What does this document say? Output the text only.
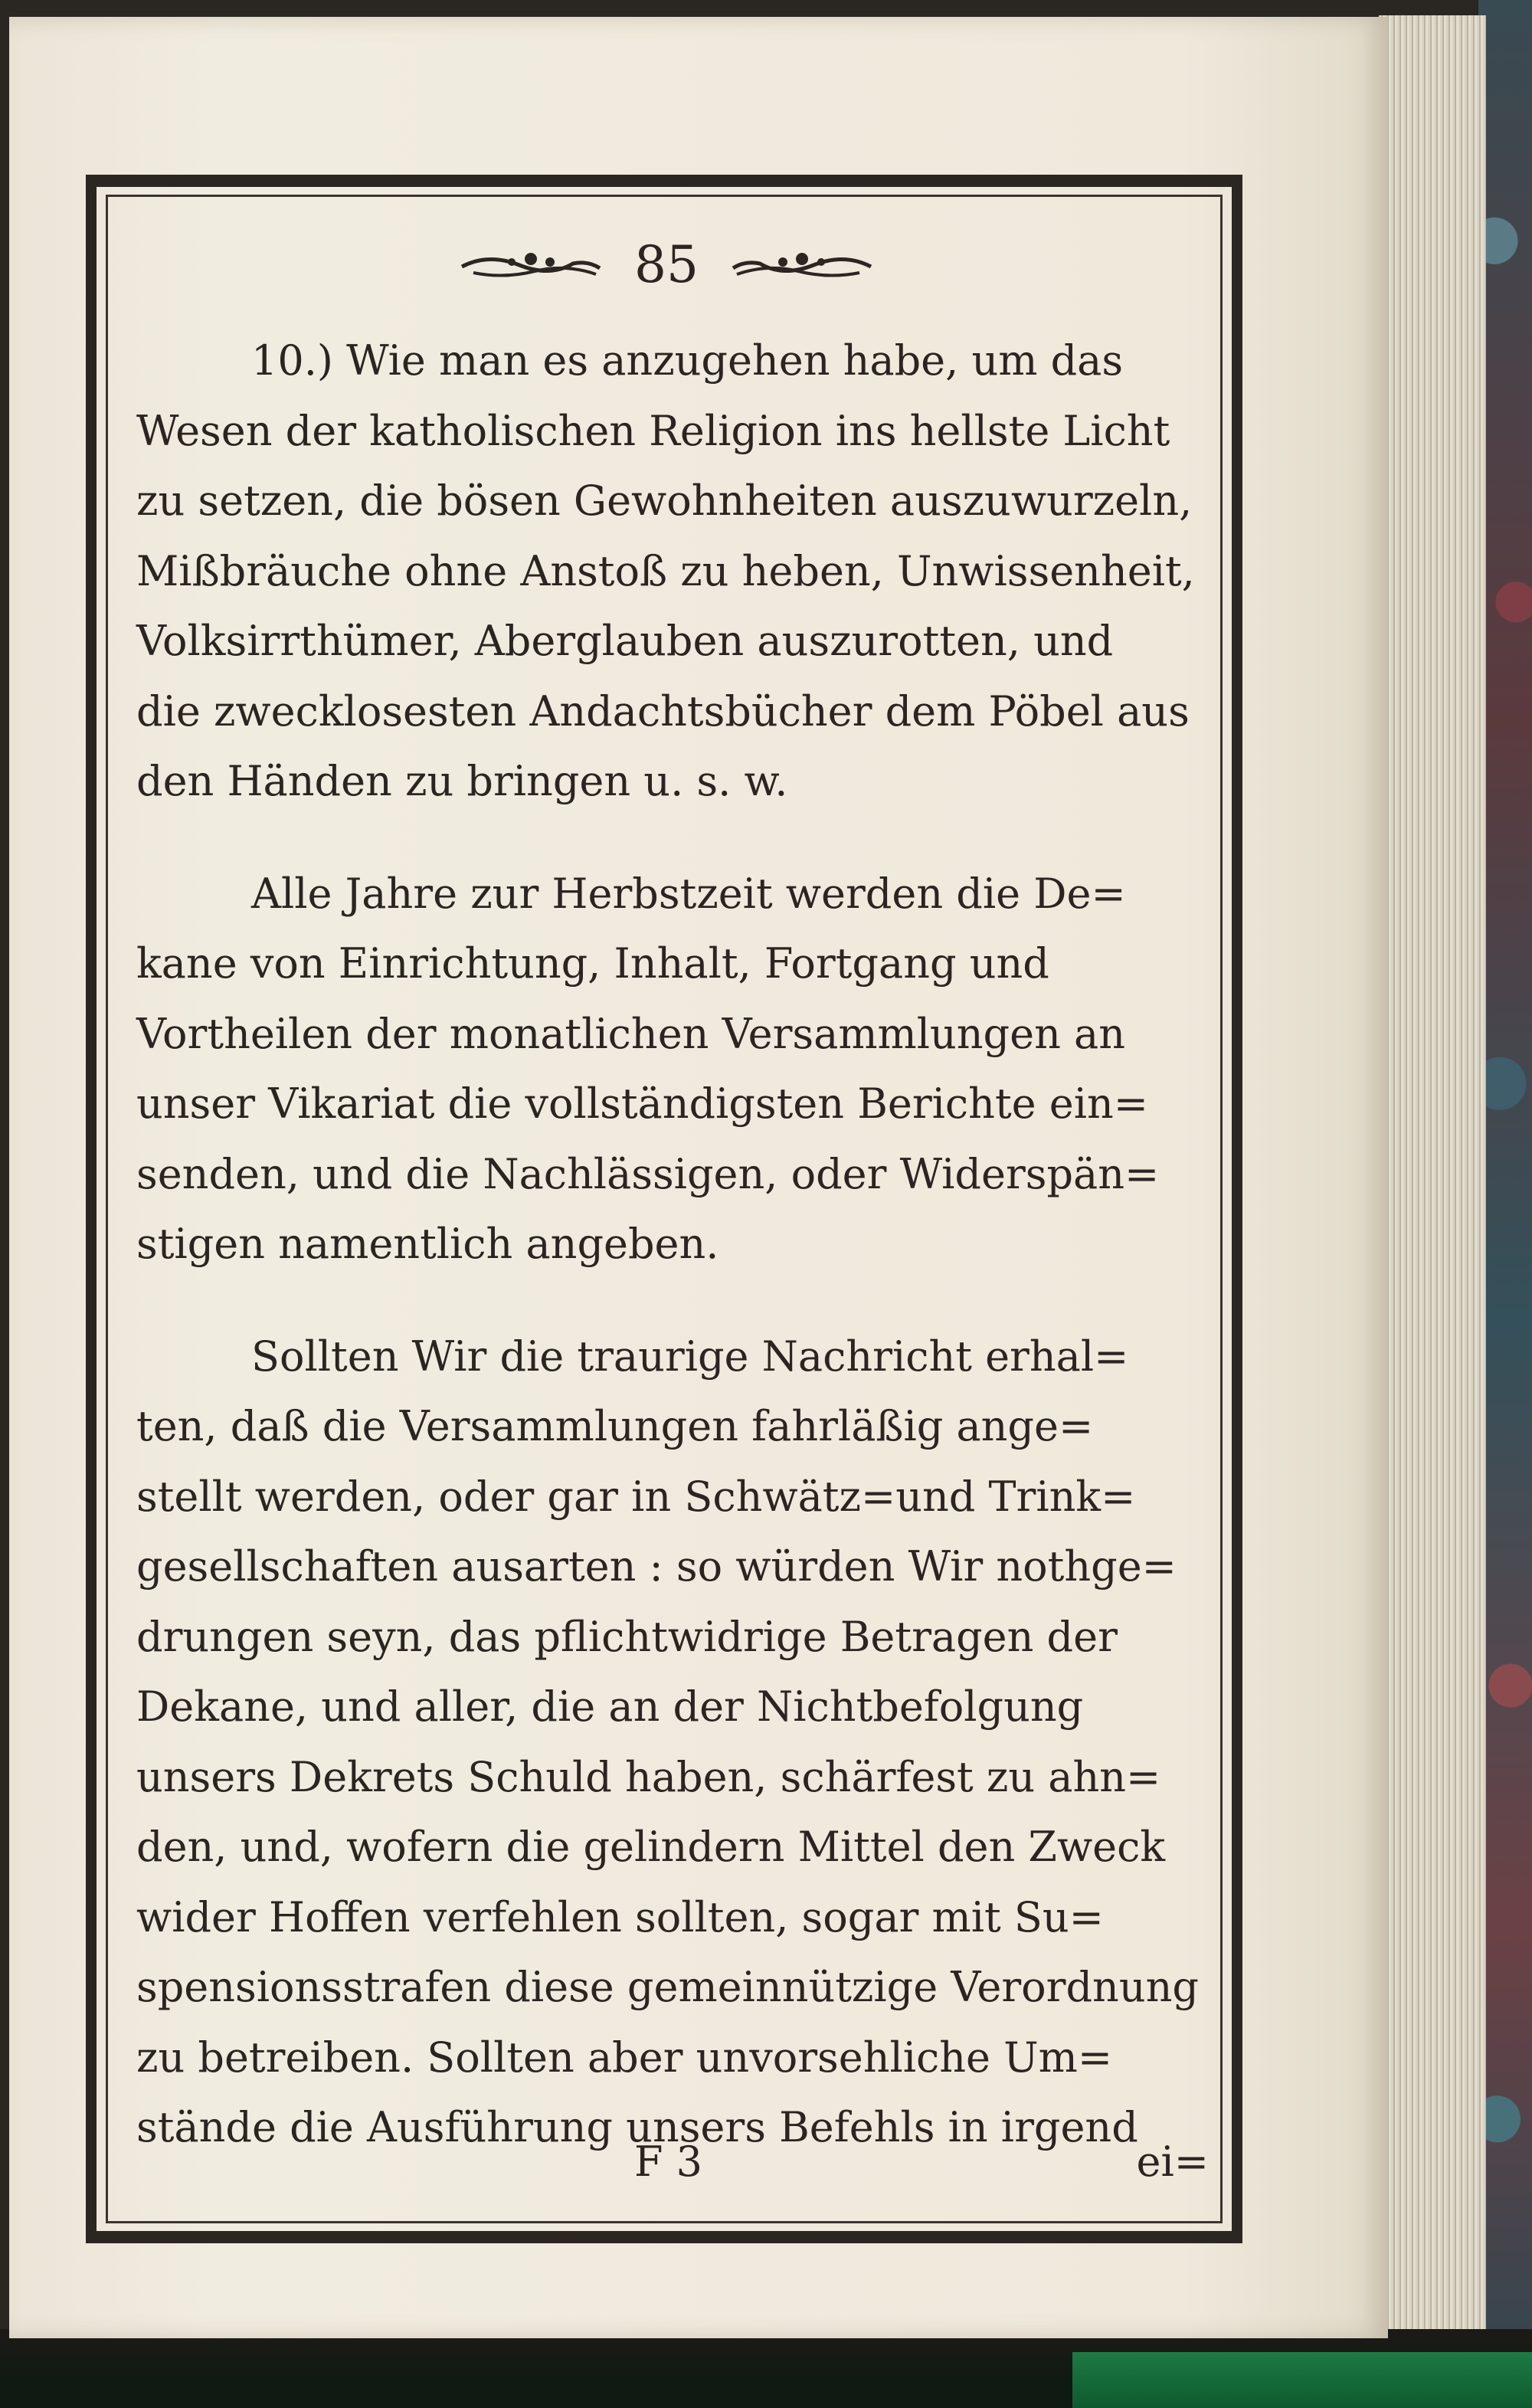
85
10.) Wie man es anzugehen habe, um das
Wesen der katholischen Religion ins hellste Licht
zu setzen, die bösen Gewohnheiten auszuwurzeln,
Mißbräuche ohne Anstoß zu heben, Unwissenheit,
Volksirrthümer, Aberglauben auszurotten, und
die zwecklosesten Andachtsbücher dem Pöbel aus
den Händen zu bringen u. s. w.
Alle Jahre zur Herbstzeit werden die De=
kane von Einrichtung, Inhalt, Fortgang und
Vortheilen der monatlichen Versammlungen an
unser Vikariat die vollständigsten Berichte ein=
senden, und die Nachlässigen, oder Widerspän=
stigen namentlich angeben.
Sollten Wir die traurige Nachricht erhal=
ten, daß die Versammlungen fahrläßig ange=
stellt werden, oder gar in Schwätz=und Trink=
gesellschaften ausarten : so würden Wir nothge=
drungen seyn, das pflichtwidrige Betragen der
Dekane, und aller, die an der Nichtbefolgung
unsers Dekrets Schuld haben, schärfest zu ahn=
den, und, wofern die gelindern Mittel den Zweck
wider Hoffen verfehlen sollten, sogar mit Su=
spensionsstrafen diese gemeinnützige Verordnung
zu betreiben. Sollten aber unvorsehliche Um=
stände die Ausführung unsers Befehls in irgend
F 3	ei=
